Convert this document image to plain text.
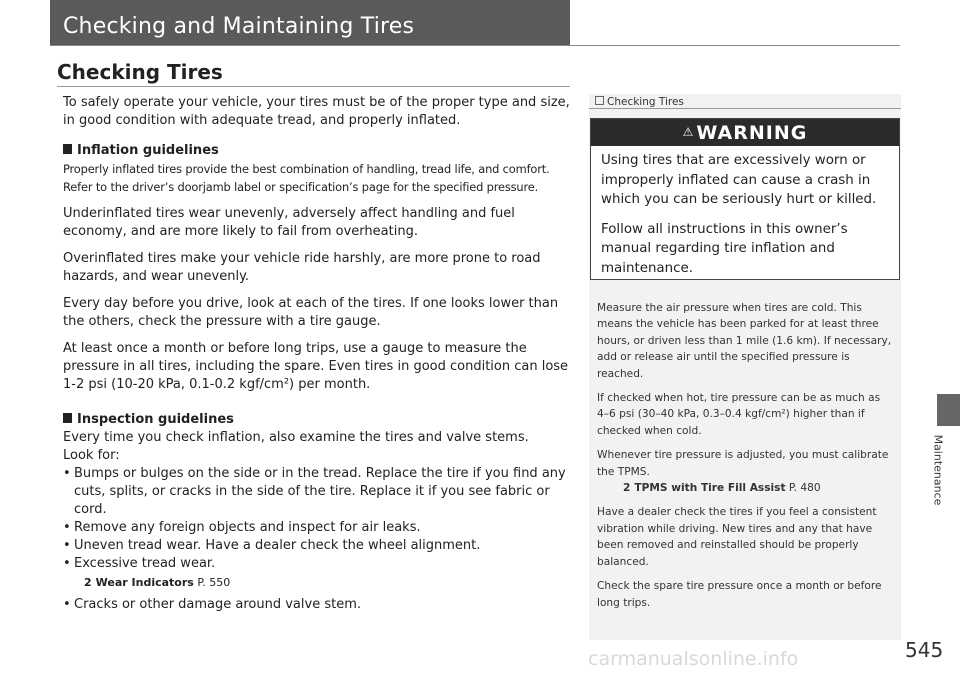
Checking and Maintaining Tires
Checking Tires

To safely operate your vehicle, your tires must be of the proper type and size, in good condition with adequate tread, and properly inflated.

Inflation guidelines

Properly inflated tires provide the best combination of handling, tread life, and comfort. Refer to the driver’s doorjamb label or specification’s page for the specified pressure.

Underinflated tires wear unevenly, adversely affect handling and fuel economy, and are more likely to fail from overheating.

Overinflated tires make your vehicle ride harshly, are more prone to road hazards, and wear unevenly.

Every day before you drive, look at each of the tires. If one looks lower than the others, check the pressure with a tire gauge.

At least once a month or before long trips, use a gauge to measure the pressure in all tires, including the spare. Even tires in good condition can lose 1-2 psi (10-20 kPa, 0.1-0.2 kgf/cm²) per month.

Inspection guidelines

Every time you check inflation, also examine the tires and valve stems.

Look for:

• Bumps or bulges on the side or in the tread. Replace the tire if you find any cuts, splits, or cracks in the side of the tire. Replace it if you see fabric or cord.
• Remove any foreign objects and inspect for air leaks.
• Uneven tread wear. Have a dealer check the wheel alignment.
• Excessive tread wear.
2 Wear Indicators P. 550
• Cracks or other damage around valve stem.
Checking Tires
⚠ WARNING

Using tires that are excessively worn or improperly inflated can cause a crash in which you can be seriously hurt or killed.

Follow all instructions in this owner’s manual regarding tire inflation and maintenance.

Measure the air pressure when tires are cold. This means the vehicle has been parked for at least three hours, or driven less than 1 mile (1.6 km). If necessary, add or release air until the specified pressure is reached.

If checked when hot, tire pressure can be as much as 4–6 psi (30–40 kPa, 0.3–0.4 kgf/cm²) higher than if checked when cold.

Whenever tire pressure is adjusted, you must calibrate the TPMS.

2 TPMS with Tire Fill Assist P. 480

Have a dealer check the tires if you feel a consistent vibration while driving. New tires and any that have been removed and reinstalled should be properly balanced.

Check the spare tire pressure once a month or before long trips.

Maintenance
545
carmanualsonline.info
